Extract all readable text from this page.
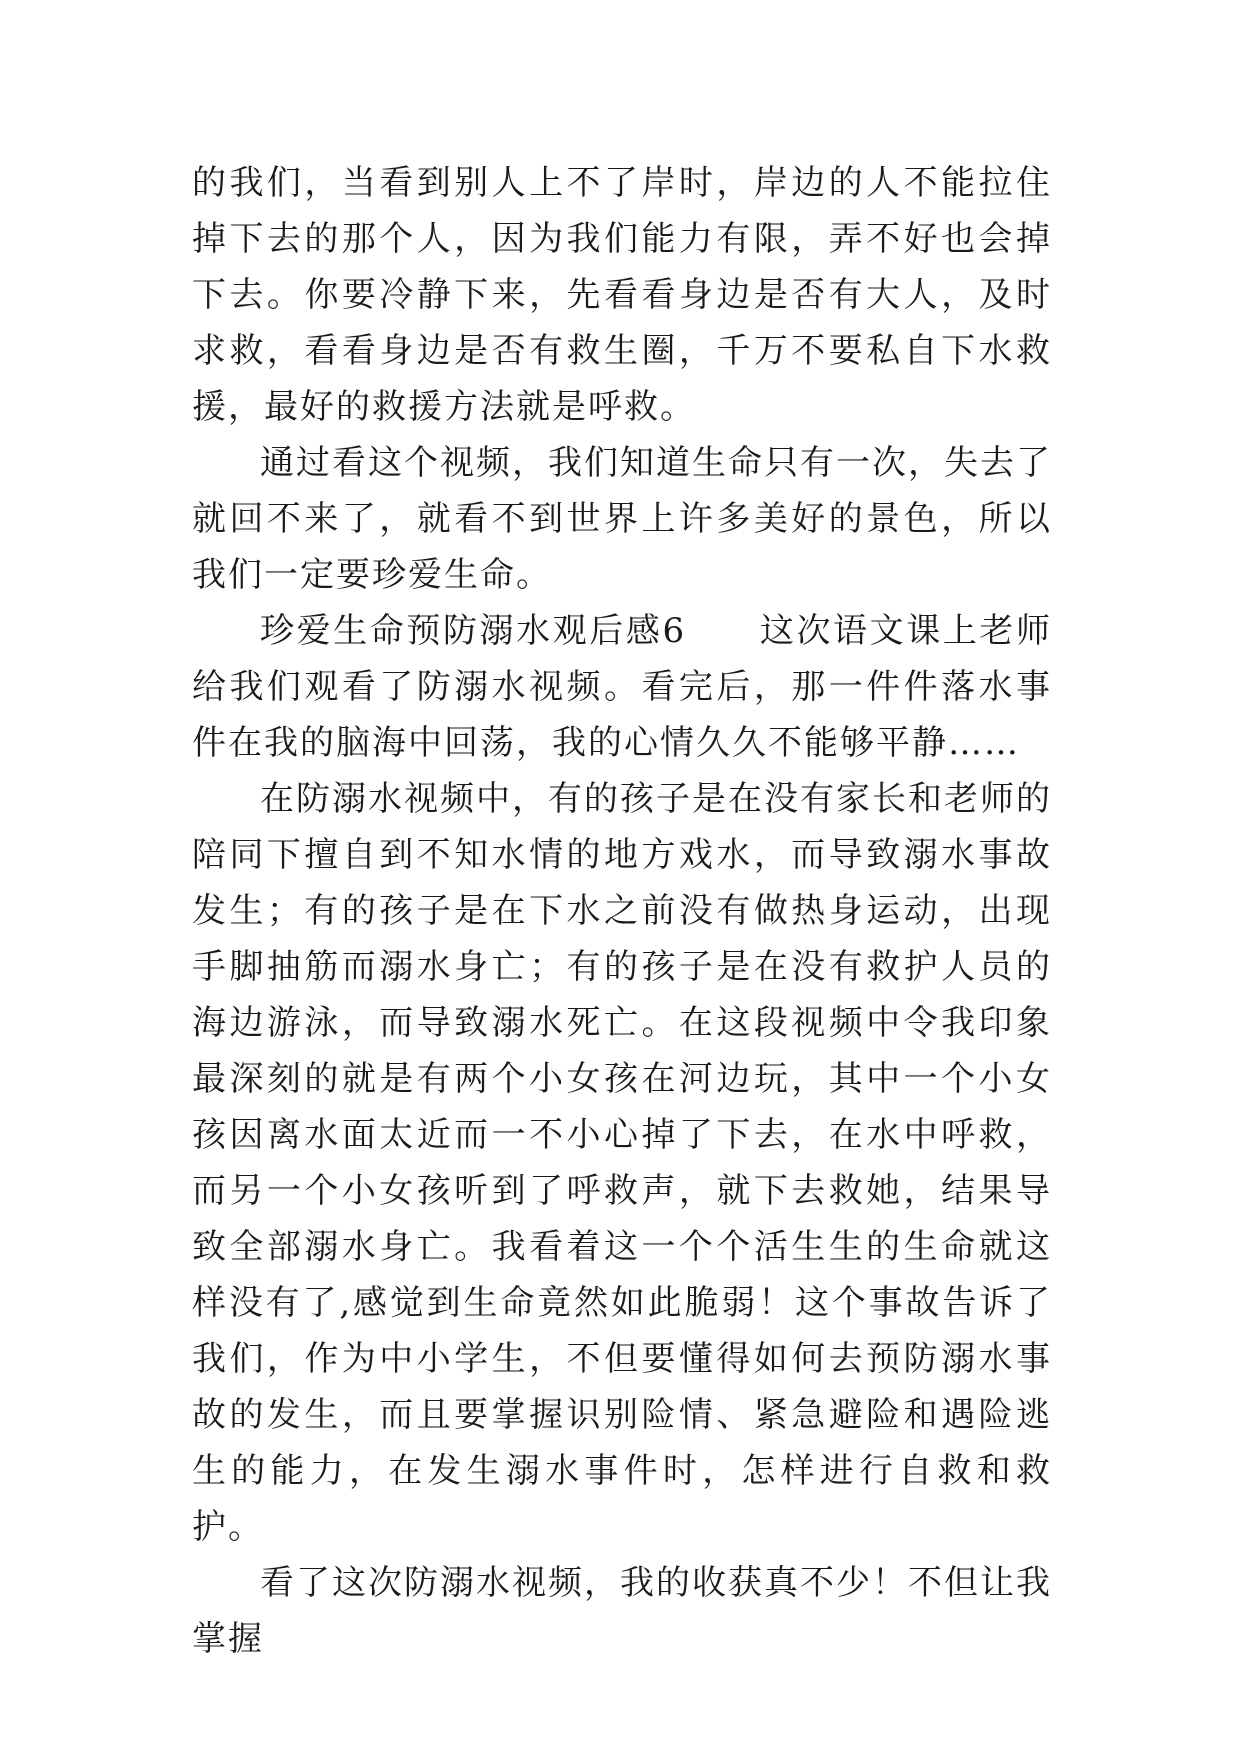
的我们，当看到别人上不了岸时，岸边的人不能拉住掉下去的那个人，因为我们能力有限，弄不好也会掉下去。你要冷静下来，先看看身边是否有大人，及时求救，看看身边是否有救生圈，千万不要私自下水救援，最好的救援方法就是呼救。

通过看这个视频，我们知道生命只有一次，失去了就回不来了，就看不到世界上许多美好的景色，所以我们一定要珍爱生命。

珍爱生命预防溺水观后感6　　这次语文课上老师给我们观看了防溺水视频。看完后，那一件件落水事件在我的脑海中回荡，我的心情久久不能够平静……

在防溺水视频中，有的孩子是在没有家长和老师的陪同下擅自到不知水情的地方戏水，而导致溺水事故发生；有的孩子是在下水之前没有做热身运动，出现手脚抽筋而溺水身亡；有的孩子是在没有救护人员的海边游泳，而导致溺水死亡。在这段视频中令我印象最深刻的就是有两个小女孩在河边玩，其中一个小女孩因离水面太近而一不小心掉了下去，在水中呼救，而另一个小女孩听到了呼救声，就下去救她，结果导致全部溺水身亡。我看着这一个个活生生的生命就这样没有了,感觉到生命竟然如此脆弱！这个事故告诉了我们，作为中小学生，不但要懂得如何去预防溺水事故的发生，而且要掌握识别险情、紧急避险和遇险逃生的能力，在发生溺水事件时，怎样进行自救和救护。

看了这次防溺水视频，我的收获真不少！不但让我掌握
